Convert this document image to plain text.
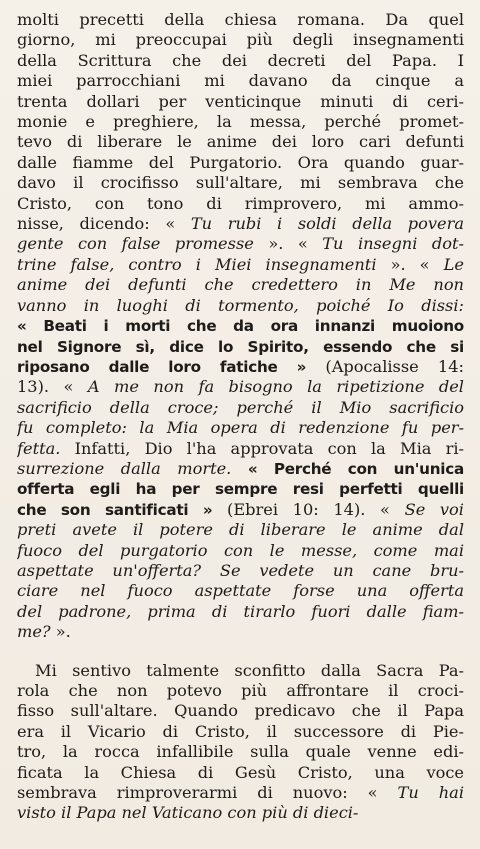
molti precetti della chiesa romana. Da quel
giorno, mi preoccupai più degli insegnamenti
della Scrittura che dei decreti del Papa. I
miei parrocchiani mi davano da cinque a
trenta dollari per venticinque minuti di ceri-
monie e preghiere, la messa, perché promet-
tevo di liberare le anime dei loro cari defunti
dalle fiamme del Purgatorio. Ora quando guar-
davo il crocifisso sull'altare, mi sembrava che
Cristo, con tono di rimprovero, mi ammo-
nisse, dicendo: « Tu rubi i soldi della povera
gente con false promesse ». « Tu insegni dot-
trine false, contro i Miei insegnamenti ». « Le
anime dei defunti che credettero in Me non
vanno in luoghi di tormento, poiché Io dissi:
« Beati i morti che da ora innanzi muoiono
nel Signore sì, dice lo Spirito, essendo che si
riposano dalle loro fatiche » (Apocalisse 14:
13). « A me non fa bisogno la ripetizione del
sacrificio della croce; perché il Mio sacrificio
fu completo: la Mia opera di redenzione fu per-
fetta. Infatti, Dio l'ha approvata con la Mia ri-
surrezione dalla morte. « Perché con un'unica
offerta egli ha per sempre resi perfetti quelli
che son santificati » (Ebrei 10: 14). « Se voi
preti avete il potere di liberare le anime dal
fuoco del purgatorio con le messe, come mai
aspettate un'offerta? Se vedete un cane bru-
ciare nel fuoco aspettate forse una offerta
del padrone, prima di tirarlo fuori dalle fiam-
me? ».
Mi sentivo talmente sconfitto dalla Sacra Pa-
rola che non potevo più affrontare il croci-
fisso sull'altare. Quando predicavo che il Papa
era il Vicario di Cristo, il successore di Pie-
tro, la rocca infallibile sulla quale venne edi-
ficata la Chiesa di Gesù Cristo, una voce
sembrava rimproverarmi di nuovo: « Tu hai
visto il Papa nel Vaticano con più di dieci-
